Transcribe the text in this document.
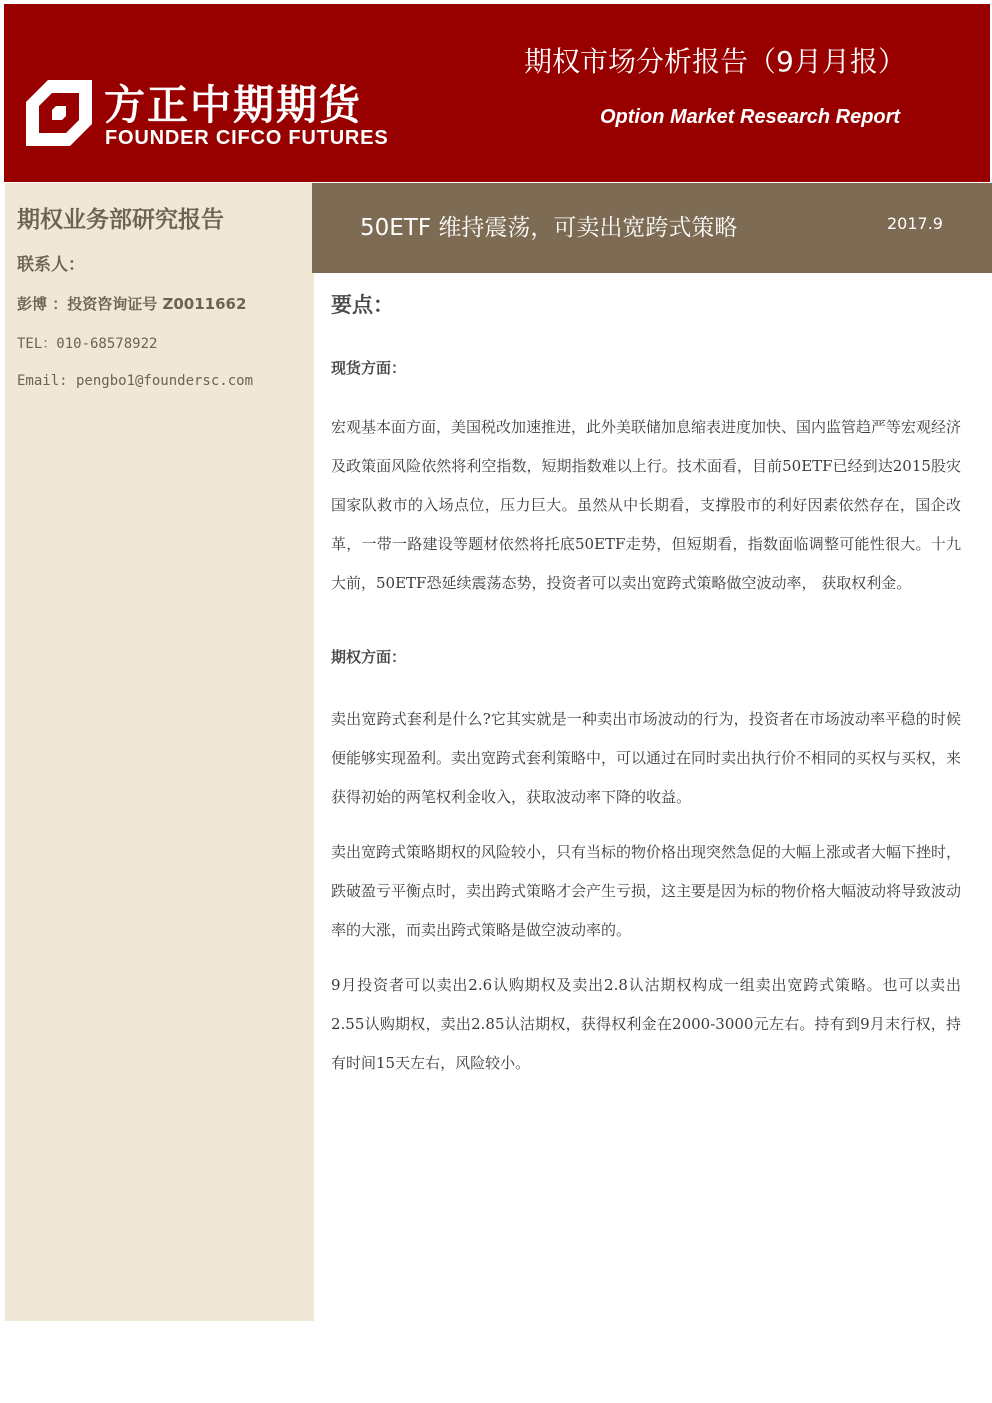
方正中期期货
FOUNDER CIFCO FUTURES
期权市场分析报告（9月月报）
Option Market Research Report
期权业务部研究报告
联系人：
彭博 ：投资咨询证号 Z0011662
TEL：010-68578922
Email: pengbo1@foundersc.com
50ETF 维持震荡，可卖出宽跨式策略	2017.9
要点：
现货方面：

宏观基本面方面，美国税改加速推进，此外美联储加息缩表进度加快、国内监管趋严等宏观经济及政策面风险依然将利空指数，短期指数难以上行。技术面看，目前50ETF已经到达2015股灾国家队救市的入场点位，压力巨大。虽然从中长期看，支撑股市的利好因素依然存在，国企改革，一带一路建设等题材依然将托底50ETF走势，但短期看，指数面临调整可能性很大。十九大前，50ETF恐延续震荡态势，投资者可以卖出宽跨式策略做空波动率， 获取权利金。

期权方面：

卖出宽跨式套利是什么?它其实就是一种卖出市场波动的行为，投资者在市场波动率平稳的时候便能够实现盈利。卖出宽跨式套利策略中，可以通过在同时卖出执行价不相同的买权与买权，来获得初始的两笔权利金收入，获取波动率下降的收益。

卖出宽跨式策略期权的风险较小，只有当标的物价格出现突然急促的大幅上涨或者大幅下挫时，跌破盈亏平衡点时，卖出跨式策略才会产生亏损，这主要是因为标的物价格大幅波动将导致波动率的大涨，而卖出跨式策略是做空波动率的。

9月投资者可以卖出2.6认购期权及卖出2.8认沽期权构成一组卖出宽跨式策略。也可以卖出2.55认购期权，卖出2.85认沽期权，获得权利金在2000-3000元左右。持有到9月末行权，持有时间15天左右，风险较小。
